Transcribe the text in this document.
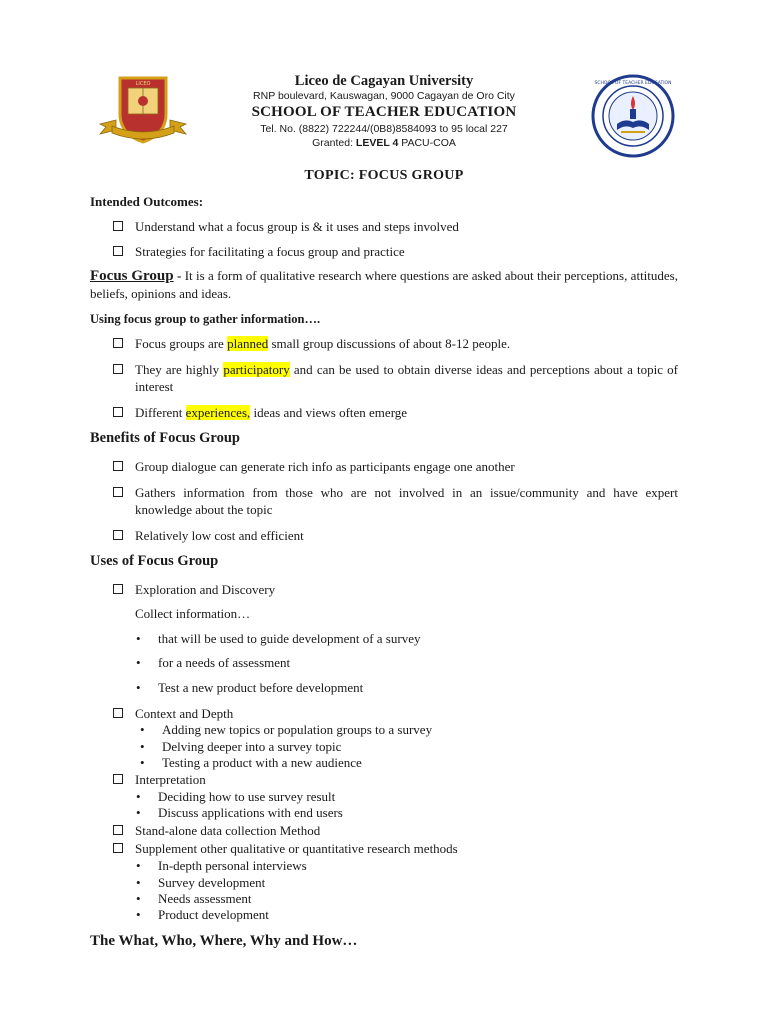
LICEO	Liceo de Cagayan University
RNP boulevard, Kauswagan, 9000 Cagayan de Oro City
SCHOOL OF TEACHER EDUCATION
Tel. No. (8822) 722244/(0B8)8584093 to 95 local 227
Granted: LEVEL 4 PACU-COA
SCHOOL OF TEACHER EDUCATION
TOPIC: FOCUS GROUP
Intended Outcomes:
Understand what a focus group is & it uses and steps involved
Strategies for facilitating a focus group and practice
Focus Group - It is a form of qualitative research where questions are asked about their perceptions, attitudes, beliefs, opinions and ideas.
Using focus group to gather information….
Focus groups are planned small group discussions of about 8-12 people.
They are highly participatory and can be used to obtain diverse ideas and perceptions about a topic of interest
Different experiences, ideas and views often emerge
Benefits of Focus Group
Group dialogue can generate rich info as participants engage one another
Gathers information from those who are not involved in an issue/community and have expert knowledge about the topic
Relatively low cost and efficient
Uses of Focus Group
Exploration and Discovery
Collect information…
• that will be used to guide development of a survey
• for a needs of assessment
• Test a new product before development
Context and Depth
• Adding new topics or population groups to a survey
• Delving deeper into a survey topic
• Testing a product with a new audience
Interpretation
• Deciding how to use survey result
• Discuss applications with end users
Stand-alone data collection Method
Supplement other qualitative or quantitative research methods
• In-depth personal interviews
• Survey development
• Needs assessment
• Product development
The What, Who, Where, Why and How…
